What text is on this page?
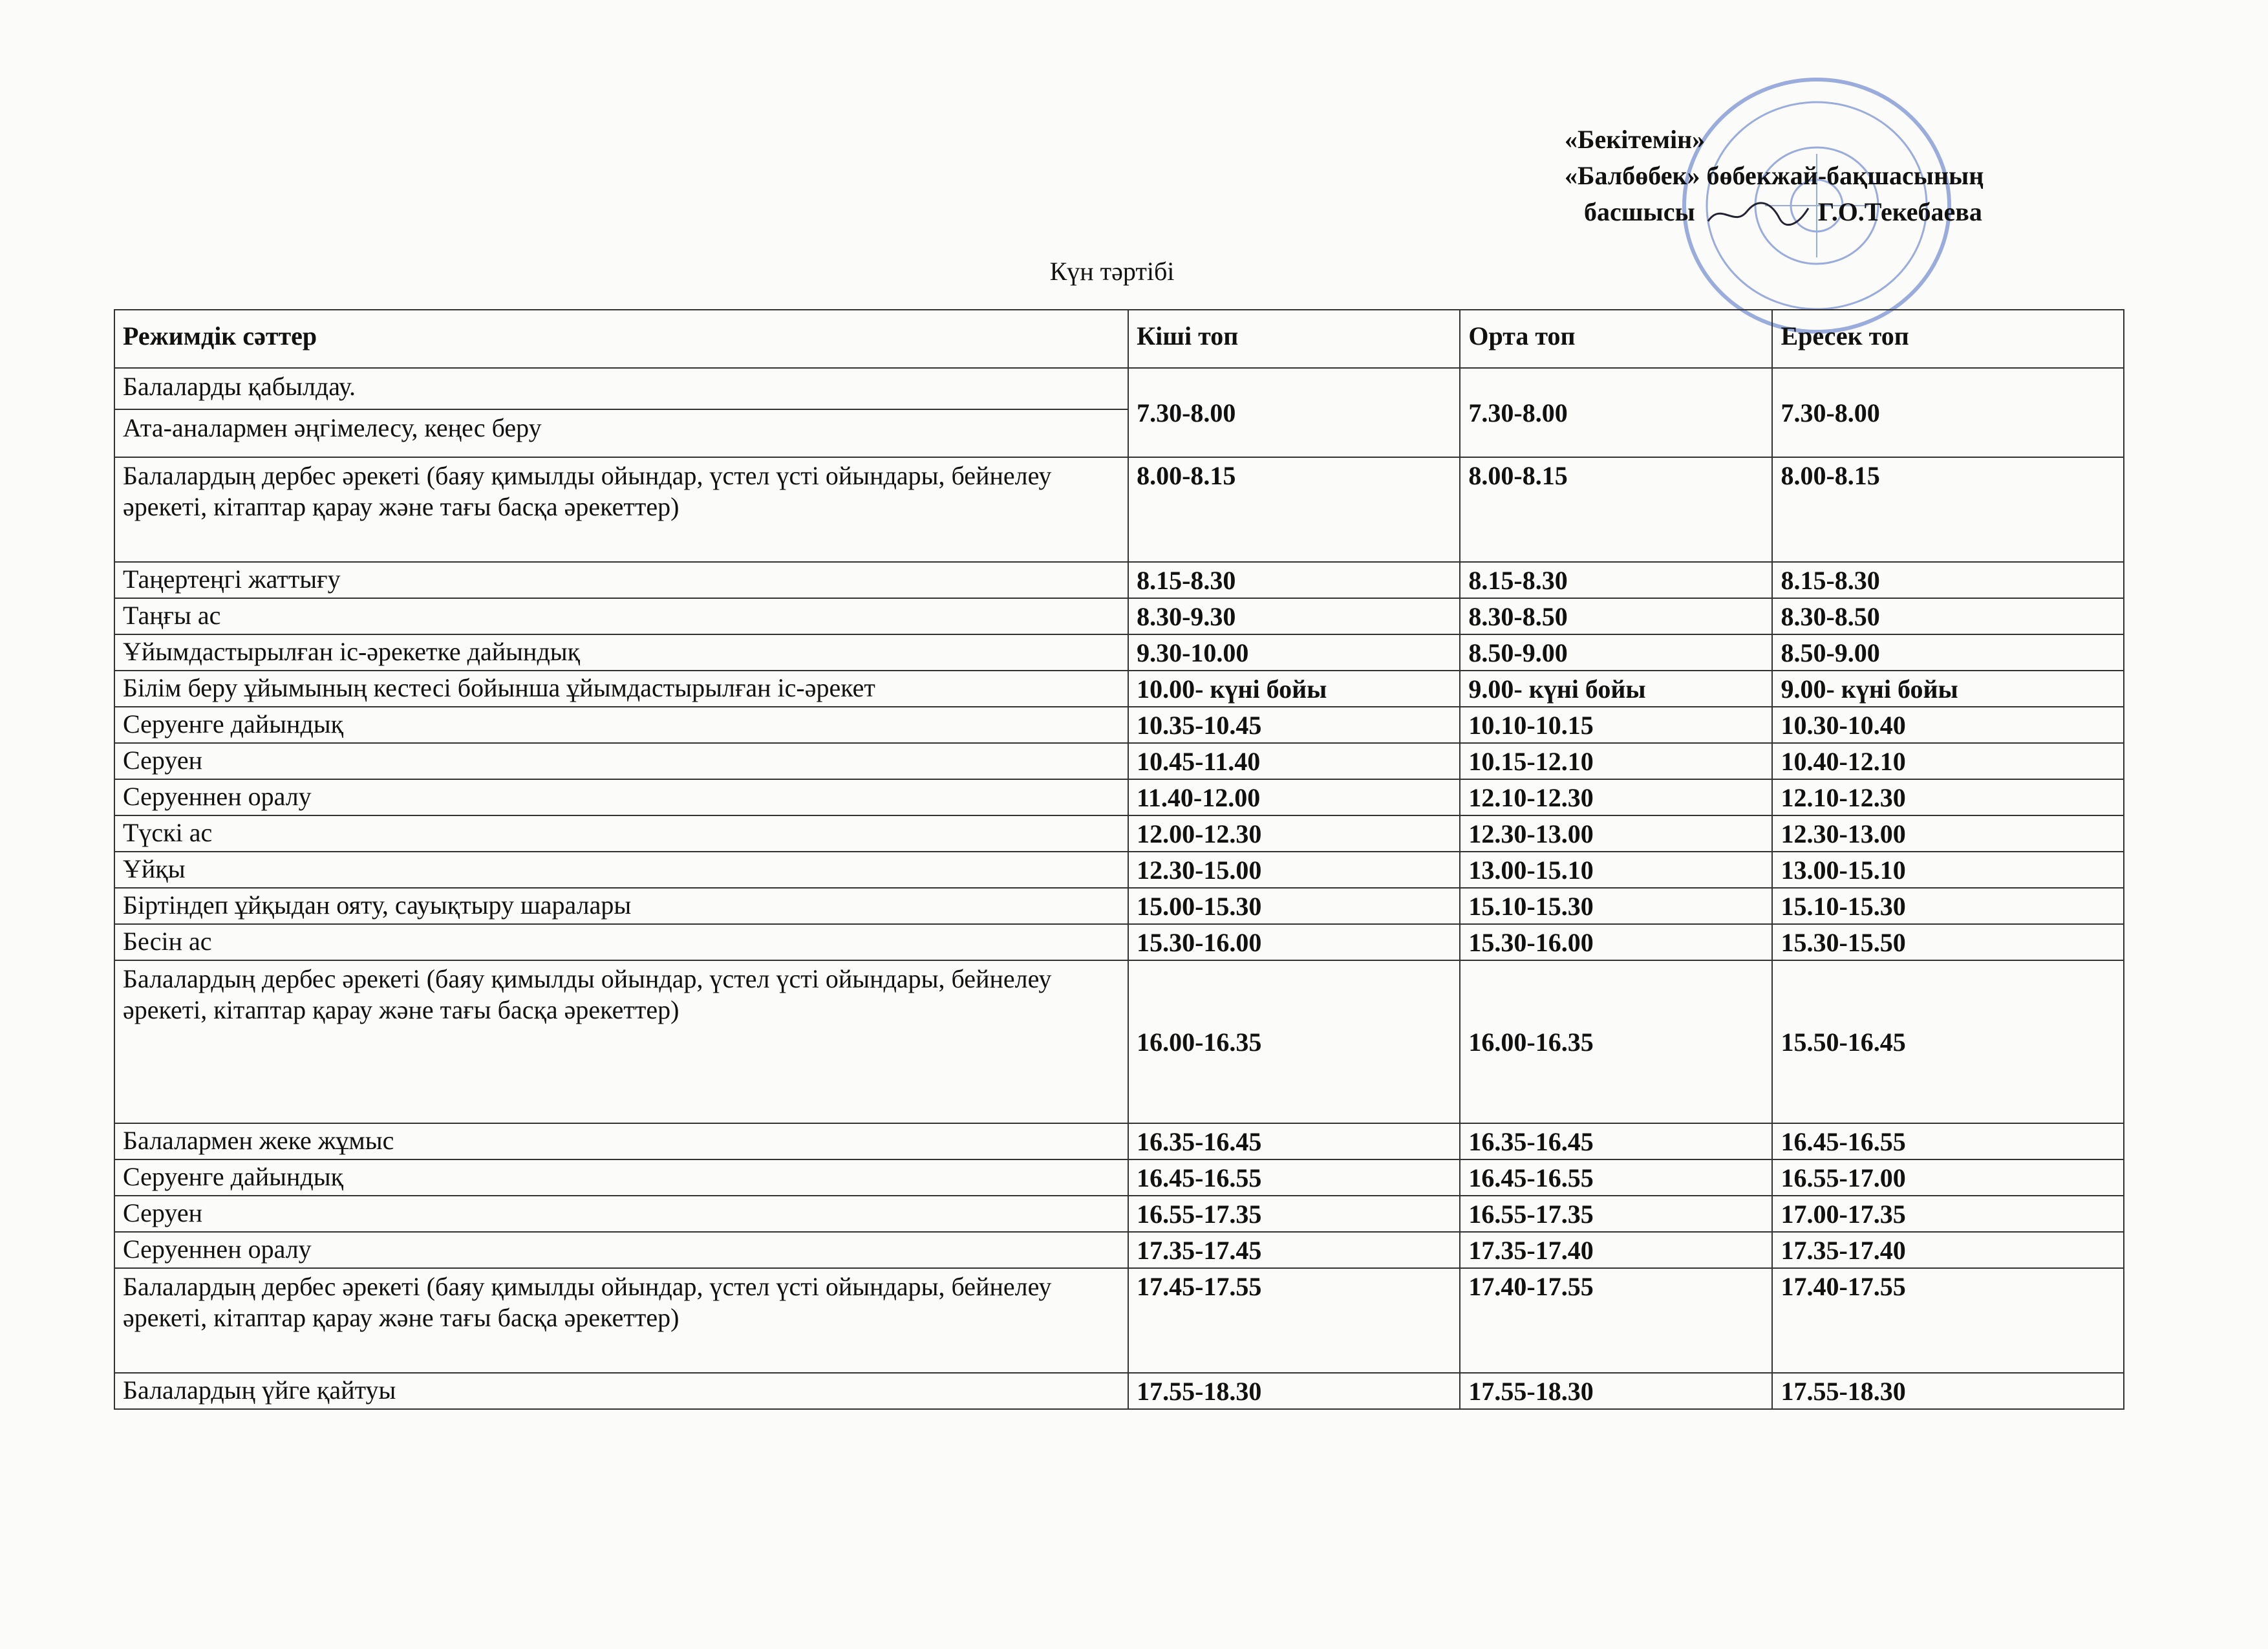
«Бекітемін»
«Балбөбек» бөбекжай-бақшасының
басшысы	Г.О.Текебаева
Күн тәртібі
Режимдік сәттер	Кіші топ	Орта топ	Ересек топ
Балаларды қабылдау.	7.30-8.00	7.30-8.00	7.30-8.00
Ата-аналармен әңгімелесу, кеңес беру			
Балалардың дербес әрекеті (баяу қимылды ойындар, үстел үсті ойындары, бейнелеу әрекеті, кітаптар қарау және тағы басқа әрекеттер)	8.00-8.15	8.00-8.15	8.00-8.15
Таңертеңгі жаттығу	8.15-8.30	8.15-8.30	8.15-8.30
Таңғы ас	8.30-9.30	8.30-8.50	8.30-8.50
Ұйымдастырылған іс-әрекетке дайындық	9.30-10.00	8.50-9.00	8.50-9.00
Білім беру ұйымының кестесі бойынша ұйымдастырылған іс-әрекет	10.00- күні бойы	9.00- күні бойы	9.00- күні бойы
Серуенге дайындық	10.35-10.45	10.10-10.15	10.30-10.40
Серуен	10.45-11.40	10.15-12.10	10.40-12.10
Серуеннен оралу	11.40-12.00	12.10-12.30	12.10-12.30
Түскі ас	12.00-12.30	12.30-13.00	12.30-13.00
Ұйқы	12.30-15.00	13.00-15.10	13.00-15.10
Біртіндеп ұйқыдан ояту, сауықтыру шаралары	15.00-15.30	15.10-15.30	15.10-15.30
Бесін ас	15.30-16.00	15.30-16.00	15.30-15.50
Балалардың дербес әрекеті (баяу қимылды ойындар, үстел үсті ойындары, бейнелеу әрекеті, кітаптар қарау және тағы басқа әрекеттер)	16.00-16.35	16.00-16.35	15.50-16.45
Балалармен жеке жұмыс	16.35-16.45	16.35-16.45	16.45-16.55
Серуенге дайындық	16.45-16.55	16.45-16.55	16.55-17.00
Серуен	16.55-17.35	16.55-17.35	17.00-17.35
Серуеннен оралу	17.35-17.45	17.35-17.40	17.35-17.40
Балалардың дербес әрекеті (баяу қимылды ойындар, үстел үсті ойындары, бейнелеу әрекеті, кітаптар қарау және тағы басқа әрекеттер)	17.45-17.55	17.40-17.55	17.40-17.55
Балалардың үйге қайтуы	17.55-18.30	17.55-18.30	17.55-18.30
